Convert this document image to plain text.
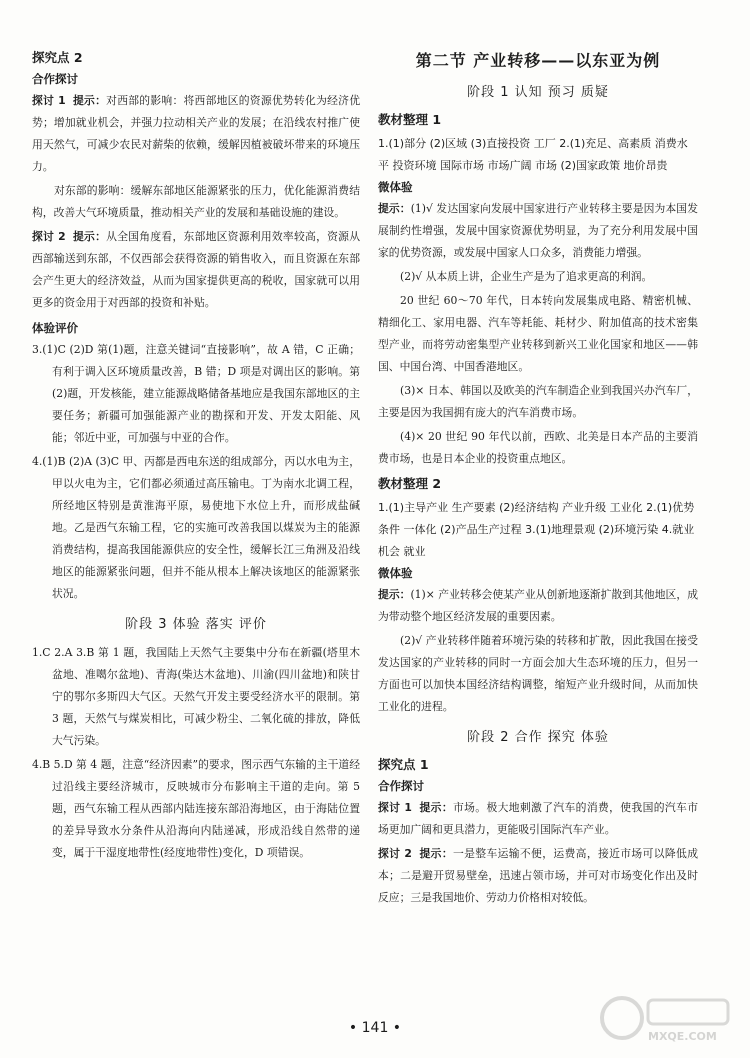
探究点 2
合作探讨

探讨 1 提示：对西部的影响：将西部地区的资源优势转化为经济优势；增加就业机会，并强力拉动相关产业的发展；在沿线农村推广使用天然气，可减少农民对薪柴的依赖，缓解因植被破坏带来的环境压力。

对东部的影响：缓解东部地区能源紧张的压力，优化能源消费结构，改善大气环境质量，推动相关产业的发展和基础设施的建设。

探讨 2 提示：从全国角度看，东部地区资源利用效率较高，资源从西部输送到东部，不仅西部会获得资源的销售收入，而且资源在东部会产生更大的经济效益，从而为国家提供更高的税收，国家就可以用更多的资金用于对西部的投资和补贴。

体验评价

3.(1)C (2)D 第(1)题，注意关键词“直接影响”，故 A 错，C 正确；有利于调入区环境质量改善，B 错；D 项是对调出区的影响。第(2)题，开发核能，建立能源战略储备基地应是我国东部地区的主要任务；新疆可加强能源产业的勘探和开发、开发太阳能、风能；邻近中亚，可加强与中亚的合作。

4.(1)B (2)A (3)C 甲、丙都是西电东送的组成部分，丙以水电为主，甲以火电为主，它们都必须通过高压输电。丁为南水北调工程，所经地区特别是黄淮海平原，易使地下水位上升，而形成盐碱地。乙是西气东输工程，它的实施可改善我国以煤炭为主的能源消费结构，提高我国能源供应的安全性，缓解长江三角洲及沿线地区的能源紧张问题，但并不能从根本上解决该地区的能源紧张状况。

阶段 3 体验 落实 评价

1.C 2.A 3.B 第 1 题，我国陆上天然气主要集中分布在新疆(塔里木盆地、准噶尔盆地)、青海(柴达木盆地)、川渝(四川盆地)和陕甘宁的鄂尔多斯四大气区。天然气开发主要受经济水平的限制。第 3 题，天然气与煤炭相比，可减少粉尘、二氧化硫的排放，降低大气污染。

4.B 5.D 第 4 题，注意“经济因素”的要求，图示西气东输的主干道经过沿线主要经济城市，反映城市分布影响主干道的走向。第 5 题，西气东输工程从西部内陆连接东部沿海地区，由于海陆位置的差异导致水分条件从沿海向内陆递减，形成沿线自然带的递变，属于干湿度地带性(经度地带性)变化，D 项错误。

第二节 产业转移——以东亚为例
阶段 1 认知 预习 质疑
教材整理 1

1.(1)部分 (2)区域 (3)直接投资 工厂 2.(1)充足、高素质 消费水平 投资环境 国际市场 市场广阔 市场 (2)国家政策 地价昂贵

微体验

提示：(1)√ 发达国家向发展中国家进行产业转移主要是因为本国发展制约性增强，发展中国家资源优势明显，为了充分利用发展中国家的优势资源，或发展中国家人口众多，消费能力增强。

(2)√ 从本质上讲，企业生产是为了追求更高的利润。

20 世纪 60～70 年代，日本转向发展集成电路、精密机械、精细化工、家用电器、汽车等耗能、耗材少、附加值高的技术密集型产业，而将劳动密集型产业转移到新兴工业化国家和地区——韩国、中国台湾、中国香港地区。

(3)× 日本、韩国以及欧美的汽车制造企业到我国兴办汽车厂，主要是因为我国拥有庞大的汽车消费市场。

(4)× 20 世纪 90 年代以前，西欧、北美是日本产品的主要消费市场，也是日本企业的投资重点地区。

教材整理 2

1.(1)主导产业 生产要素 (2)经济结构 产业升级 工业化 2.(1)优势条件 一体化 (2)产品生产过程 3.(1)地理景观 (2)环境污染 4.就业机会 就业

微体验

提示：(1)× 产业转移会使某产业从创新地逐渐扩散到其他地区，成为带动整个地区经济发展的重要因素。

(2)√ 产业转移伴随着环境污染的转移和扩散，因此我国在接受发达国家的产业转移的同时一方面会加大生态环境的压力，但另一方面也可以加快本国经济结构调整，缩短产业升级时间，从而加快工业化的进程。

阶段 2 合作 探究 体验
探究点 1
合作探讨

探讨 1 提示：市场。极大地刺激了汽车的消费，使我国的汽车市场更加广阔和更具潜力，更能吸引国际汽车产业。

探讨 2 提示：一是整车运输不便，运费高，接近市场可以降低成本；二是避开贸易壁垒，迅速占领市场，并可对市场变化作出及时反应；三是我国地价、劳动力价格相对较低。

• 141 •
MXQE.COM
